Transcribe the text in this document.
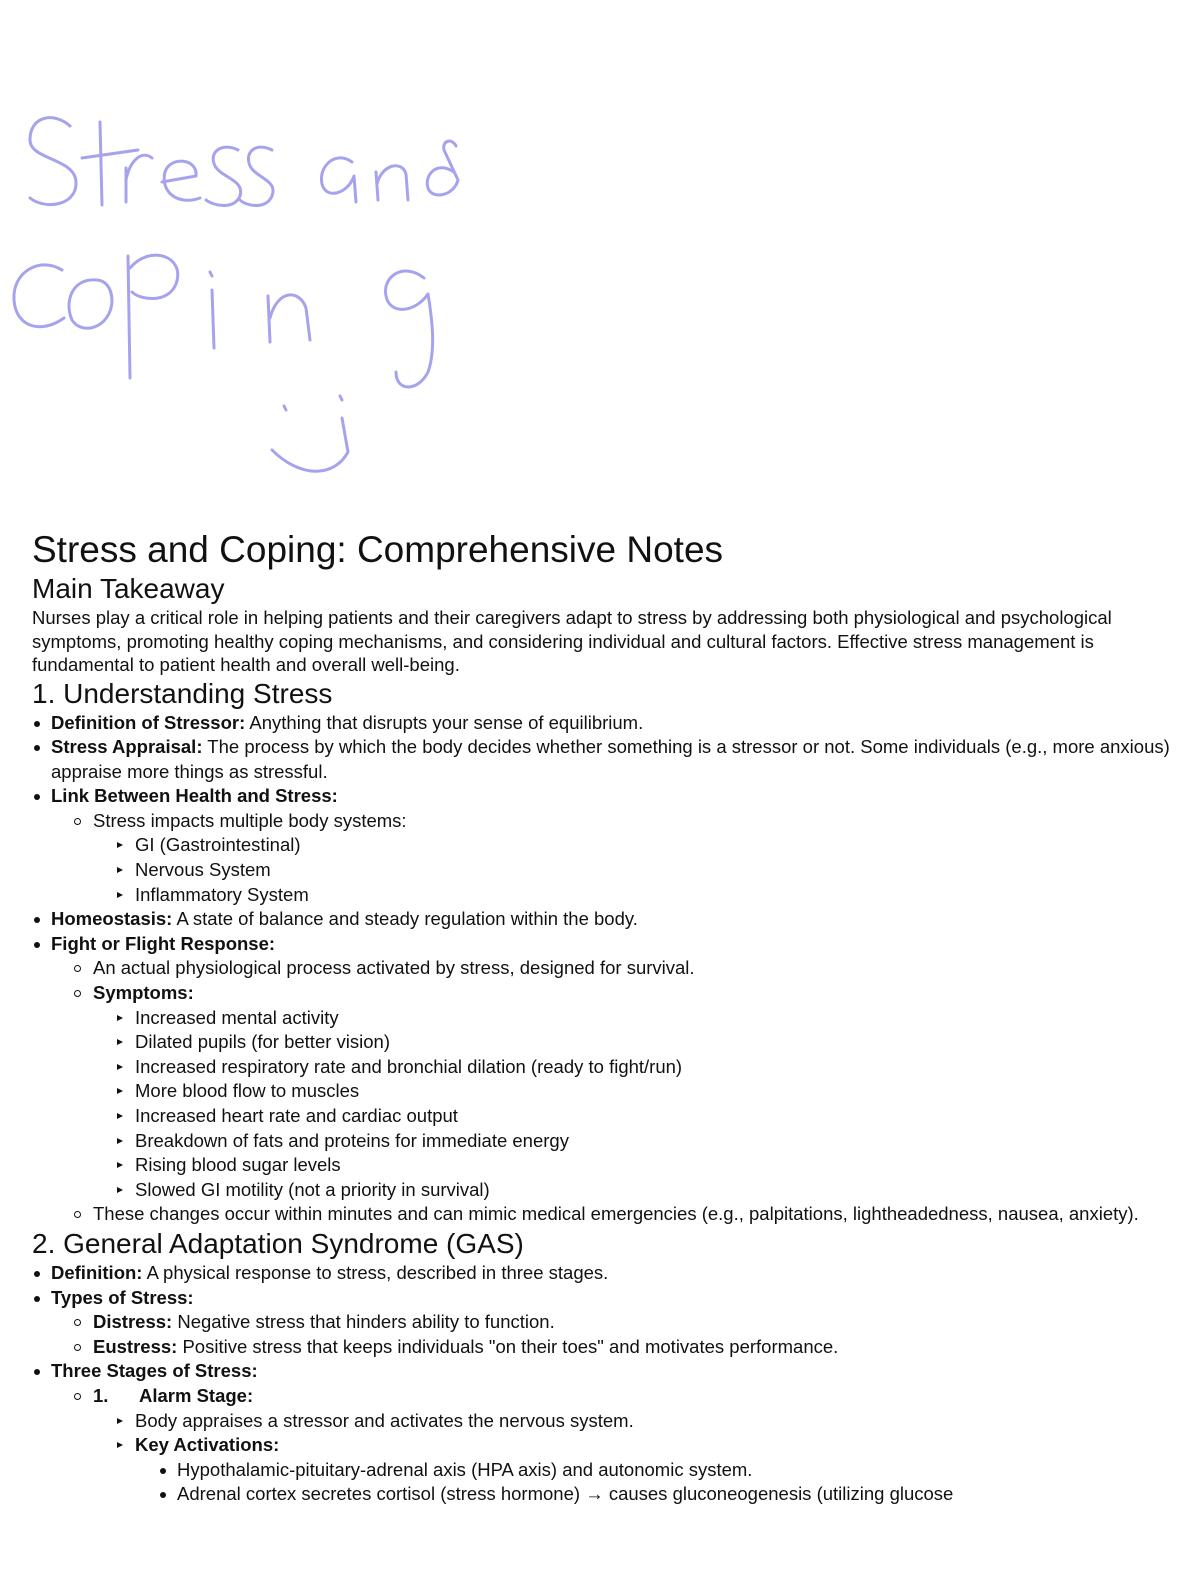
Stress and Coping: Comprehensive Notes
Main Takeaway

Nurses play a critical role in helping patients and their caregivers adapt to stress by addressing both physiological and psychological symptoms, promoting healthy coping mechanisms, and considering individual and cultural factors. Effective stress management is fundamental to patient health and overall well-being.

1. Understanding Stress
Definition of Stressor: Anything that disrupts your sense of equilibrium.
Stress Appraisal: The process by which the body decides whether something is a stressor or not. Some individuals (e.g., more anxious) appraise more things as stressful.
Link Between Health and Stress:
Stress impacts multiple body systems:
GI (Gastrointestinal)
Nervous System
Inflammatory System
Homeostasis: A state of balance and steady regulation within the body.
Fight or Flight Response:
An actual physiological process activated by stress, designed for survival.
Symptoms:
Increased mental activity
Dilated pupils (for better vision)
Increased respiratory rate and bronchial dilation (ready to fight/run)
More blood flow to muscles
Increased heart rate and cardiac output
Breakdown of fats and proteins for immediate energy
Rising blood sugar levels
Slowed GI motility (not a priority in survival)
These changes occur within minutes and can mimic medical emergencies (e.g., palpitations, lightheadedness, nausea, anxiety).
2. General Adaptation Syndrome (GAS)
Definition: A physical response to stress, described in three stages.
Types of Stress:
Distress: Negative stress that hinders ability to function.
Eustress: Positive stress that keeps individuals "on their toes" and motivates performance.
Three Stages of Stress:
1. Alarm Stage:
Body appraises a stressor and activates the nervous system.
Key Activations:
Hypothalamic-pituitary-adrenal axis (HPA axis) and autonomic system.
Adrenal cortex secretes cortisol (stress hormone) → causes gluconeogenesis (utilizing glucose
